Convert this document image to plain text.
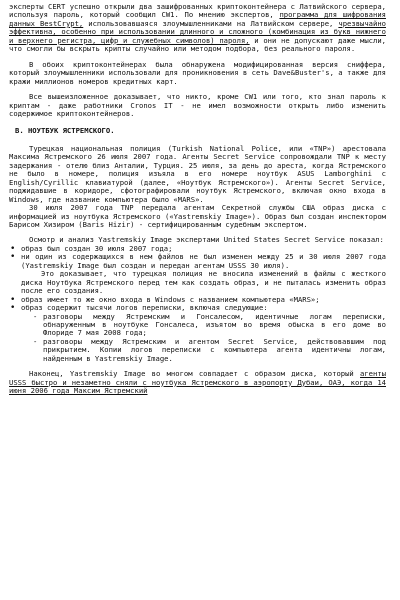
эксперты CERT успешно открыли два зашифрованных криптоконтейнера с Латвийского сервера, используя пароль, который сообщил CW1. По мнению экспертов, программа для шифрования данных BestCrypt, использовавшаяся злоумышленниками на Латвийском сервере, чрезвычайно эффективна, особенно при использовании длинного и сложного (комбинация из букв нижнего и верхнего регистра, цифр и служебных символов) пароля, и они не допускают даже мысли, что смогли бы вскрыть крипты случайно или методом подбора, без реального пароля.

В обоих криптоконтейнерах была обнаружена модифицированная версия сниффера, который злоумышленники использовали для проникновения в сеть Dave&Buster's, а также для кражи миллионов номеров кредитных карт.

Все вышеизложенное доказывает, что никто, кроме CW1 или того, кто знал пароль к криптам - даже работники Cronos IT - не имел возможности открыть либо изменить содержимое криптоконтейнеров.

B. НОУТБУК ЯСТРЕМСКОГО.

Турецкая национальная полиция (Turkish National Police, или «TNP») арестовала Максима Ястремского 26 июля 2007 года. Агенты Secret Service сопровождали TNP к месту задержания - отелю близ Анталии, Турция. 25 июля, за день до ареста, когда Ястремского не было в номере, полиция изъяла в его номере ноутбук ASUS Lamborghini с English/Cyrillic клавиатурой (далее, «Ноутбук Ястремского»). Агенты Secret Service, поджидавшие в коридоре, сфотографировали ноутбук Ястремского, включая окно входа в Windows, где название компьютера было «MARS».

30 июля 2007 года TNP передала агентам Секретной службы США образ диска с информацией из ноутбука Ястремского («Yastremskiy Image»). Образ был создан инспектором Барисом Хизиром (Baris Hizir) - сертифицированным судебным экспертом.

Осмотр и анализ Yastremskiy Image экспертами United States Secret Service показал:

• образ был создан 30 июля 2007 года;
• ни один из содержащихся в нем файлов не был изменен между 25 и 30 июля 2007 года (Yastremskiy Image был создан и передан агентам USSS 30 июля).

Это доказывает, что турецкая полиция не вносила изменений в файлы с жесткого диска Ноутбука Ястремского перед тем как создать образ, и не пыталась изменить образ после его создания.

• образ имеет то же окно входа в Windows с названием компьютера «MARS»;
• образ содержит тысячи логов переписки, включая следующие:
- разговоры между Ястремским и Гонсалесом, идентичные логам переписки, обнаруженным в ноутбуке Гонсалеса, изъятом во время обыска в его доме во Флориде 7 мая 2008 года;
- разговоры между Ястремским и агентом Secret Service, действовавшим под прикрытием. Копии логов переписки с компьютера агента идентичны логам, найденным в Yastremskiy Image.

Наконец, Yastremskiy Image во многом совпадает с образом диска, который агенты USSS быстро и незаметно сняли с ноутбука Ястремского в аэропорту Дубаи, ОАЭ, когда 14 июня 2006 года Максим Ястремский
